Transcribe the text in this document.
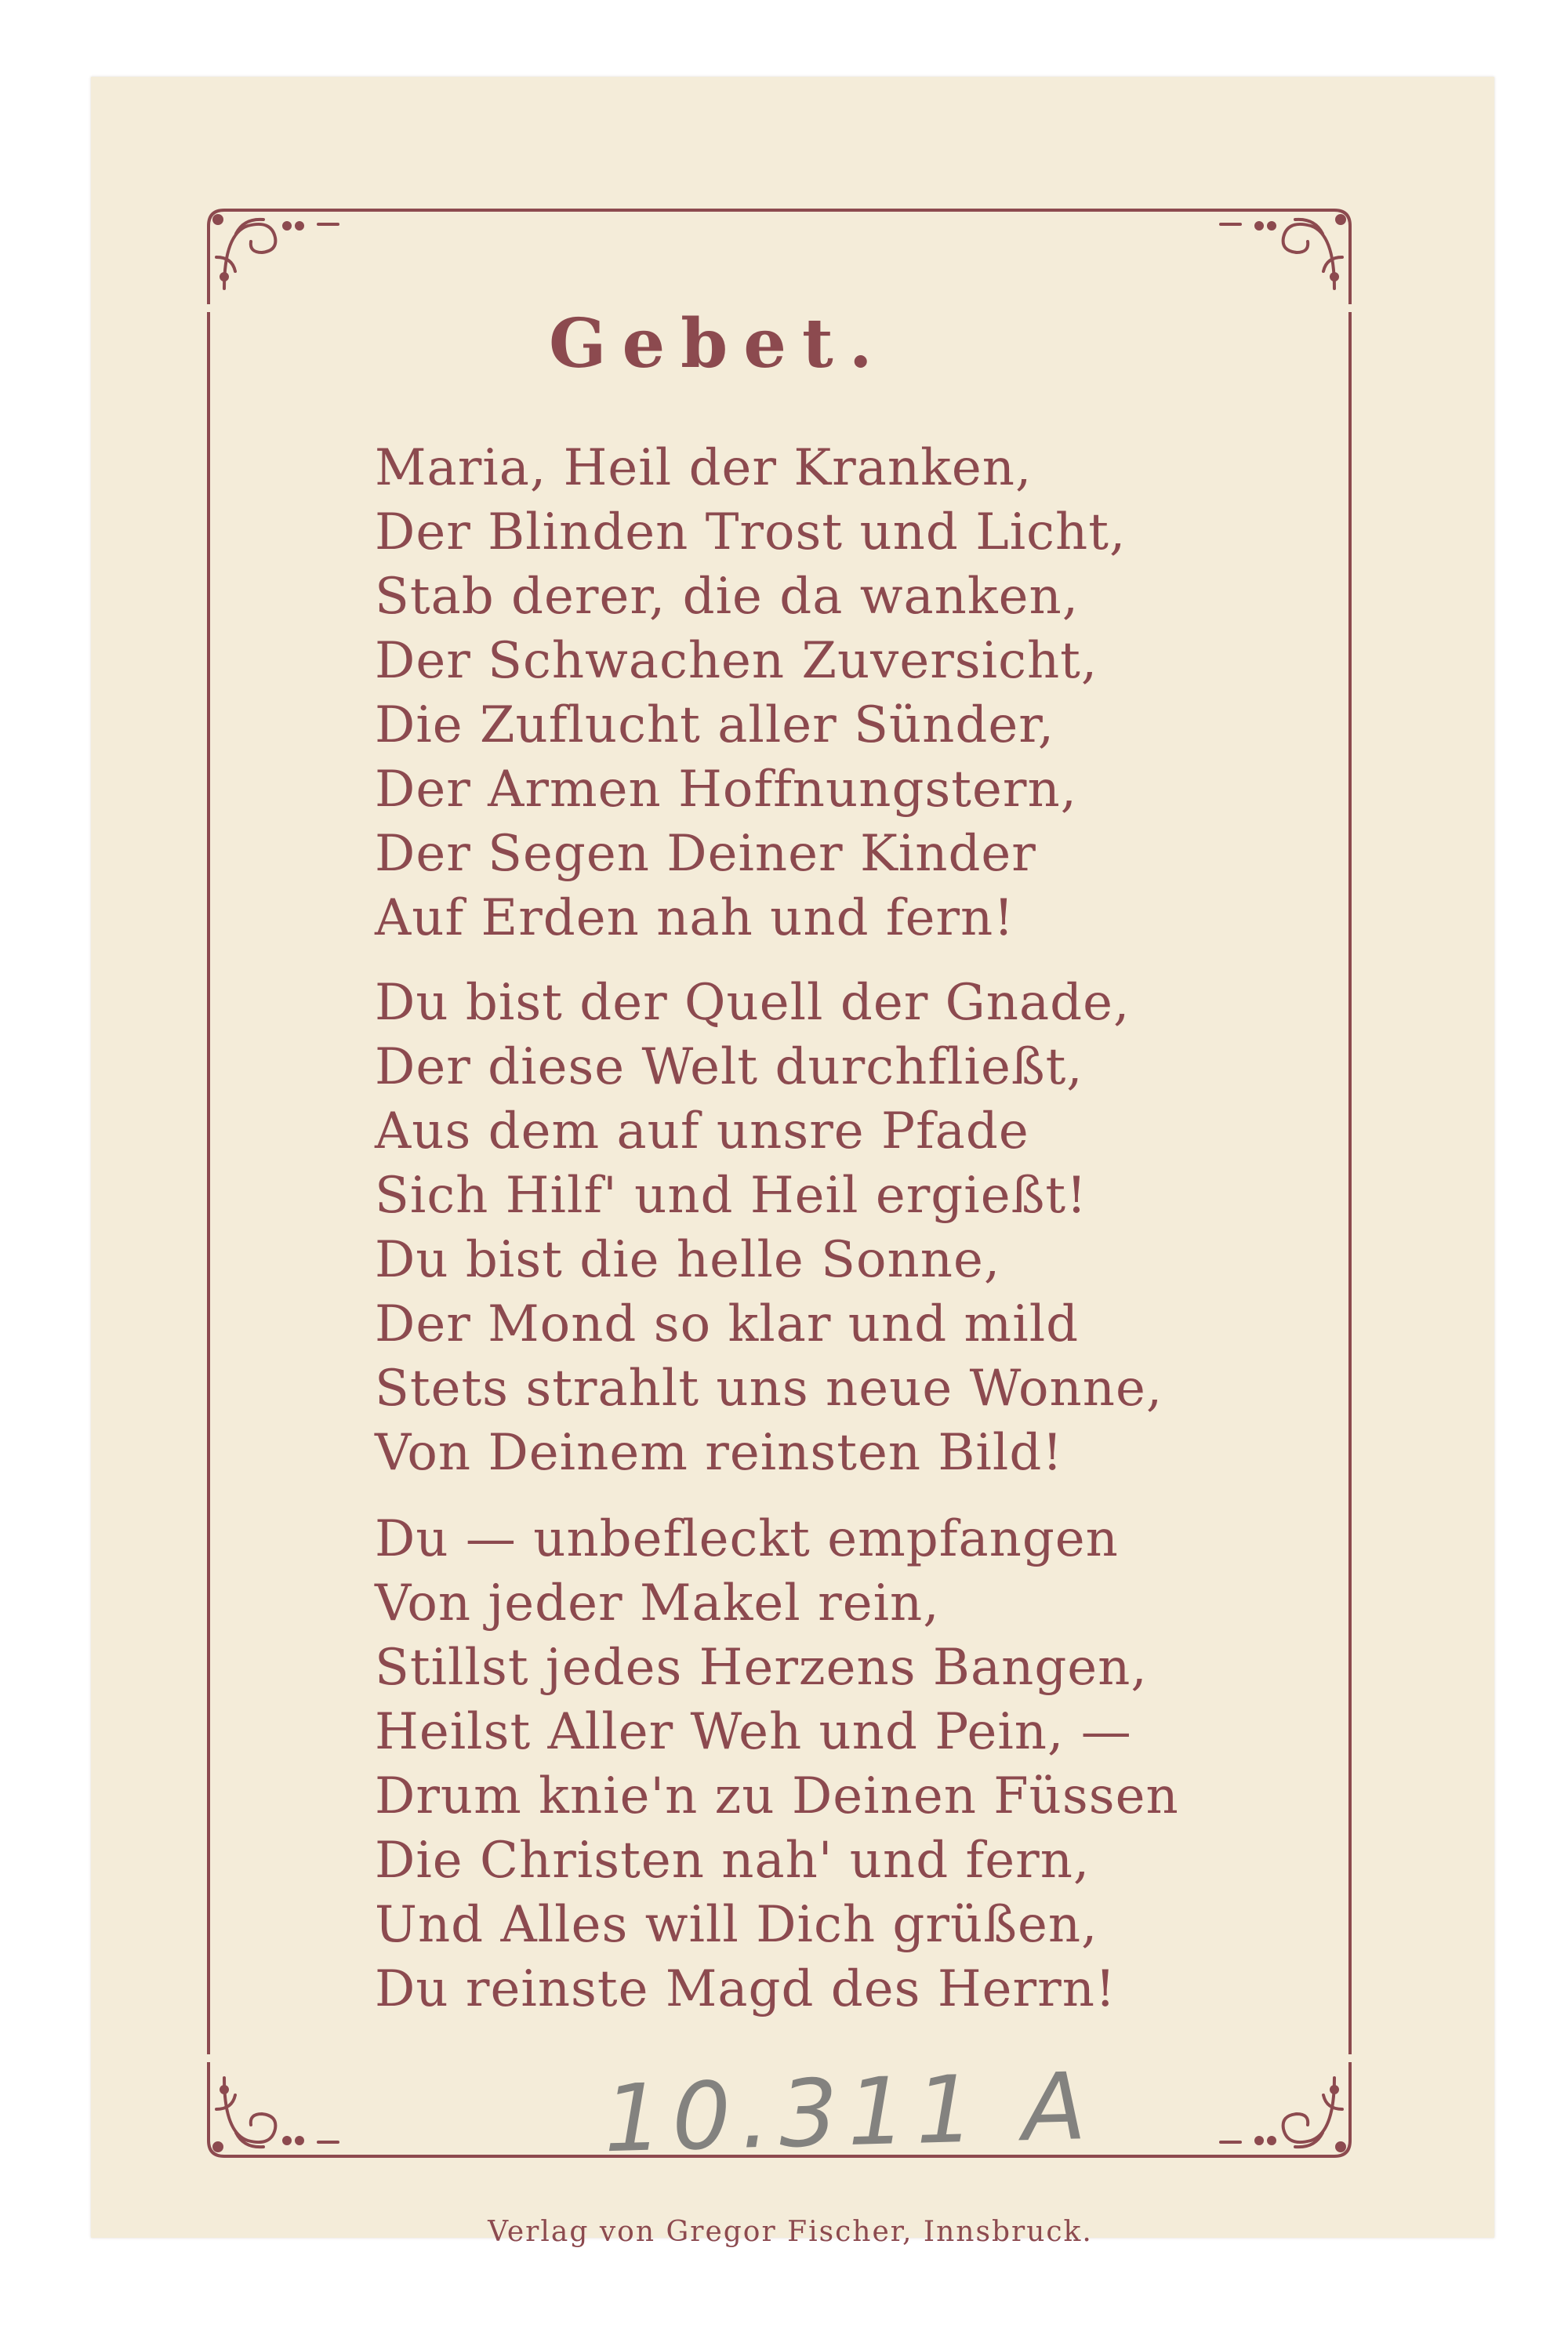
Gebet.
Maria, Heil der Kranken,
Der Blinden Trost und Licht,
Stab derer, die da wanken,
Der Schwachen Zuversicht,
Die Zuflucht aller Sünder,
Der Armen Hoffnungstern,
Der Segen Deiner Kinder
Auf Erden nah und fern!
Du bist der Quell der Gnade,
Der diese Welt durchfließt,
Aus dem auf unsre Pfade
Sich Hilf' und Heil ergießt!
Du bist die helle Sonne,
Der Mond so klar und mild
Stets strahlt uns neue Wonne,
Von Deinem reinsten Bild!
Du — unbefleckt empfangen
Von jeder Makel rein,
Stillst jedes Herzens Bangen,
Heilst Aller Weh und Pein, —
Drum knie'n zu Deinen Füssen
Die Christen nah' und fern,
Und Alles will Dich grüßen,
Du reinste Magd des Herrn!
10.311 A
Verlag von Gregor Fischer, Innsbruck.
